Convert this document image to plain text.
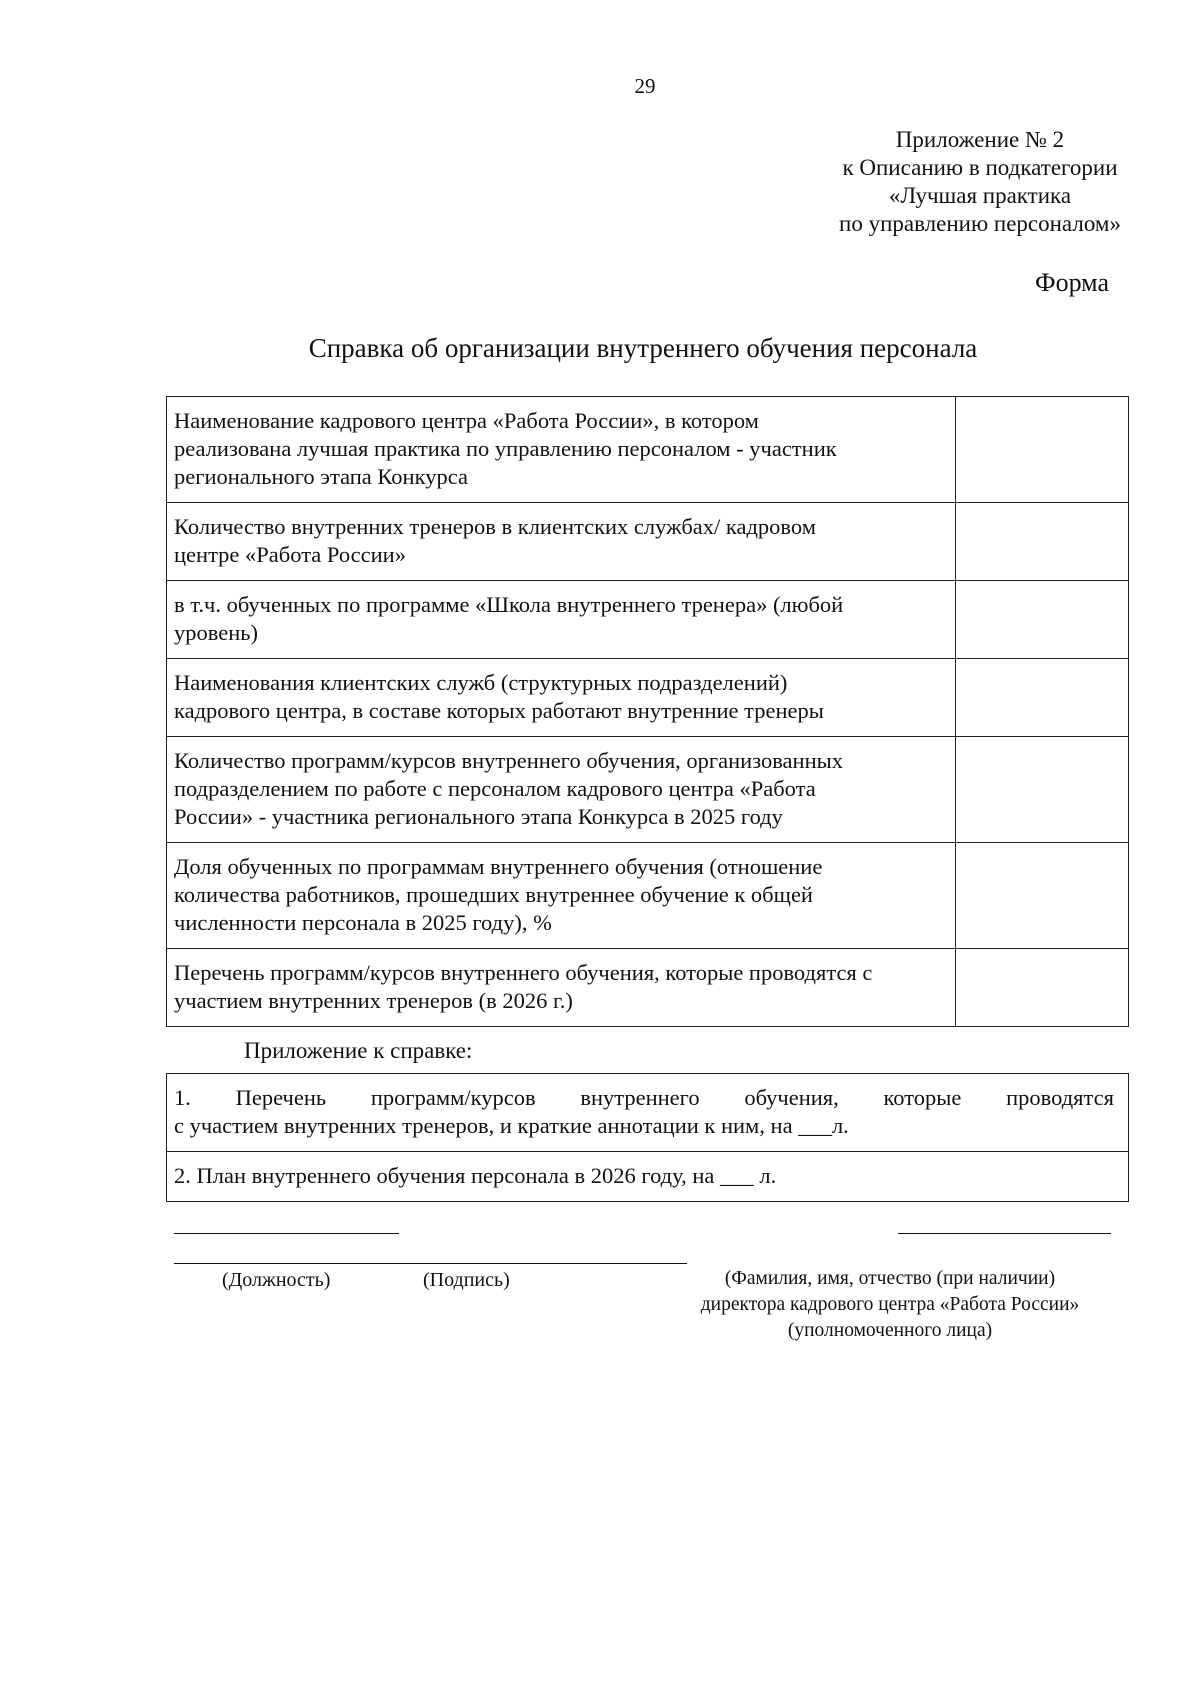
29
Приложение № 2
к Описанию в подкатегории
«Лучшая практика
по управлению персоналом»
Форма
Справка об организации внутреннего обучения персонала
Наименование кадрового центра «Работа России», в котором
реализована лучшая практика по управлению персоналом - участник
регионального этапа Конкурса	

Количество внутренних тренеров в клиентских службах/ кадровом
центре «Работа России»	

в т.ч. обученных по программе «Школа внутреннего тренера» (любой
уровень)	

Наименования клиентских служб (структурных подразделений)
кадрового центра, в составе которых работают внутренние тренеры	

Количество программ/курсов внутреннего обучения, организованных
подразделением по работе с персоналом кадрового центра «Работа
России» - участника регионального этапа Конкурса в 2025 году	

Доля обученных по программам внутреннего обучения (отношение
количества работников, прошедших внутреннее обучение к общей
численности персонала в 2025 году), %	

Перечень программ/курсов внутреннего обучения, которые проводятся с
участием внутренних тренеров (в 2026 г.)	

Приложение к справке:
1. Перечень программ/курсов внутреннего обучения, которые проводятся
с участием внутренних тренеров, и краткие аннотации к ним, на ___л.

2. План внутреннего обучения персонала в 2026 году, на ___ л.
(Должность)	(Подпись)	(Фамилия, имя, отчество (при наличии)
директора кадрового центра «Работа России»
(уполномоченного лица)
